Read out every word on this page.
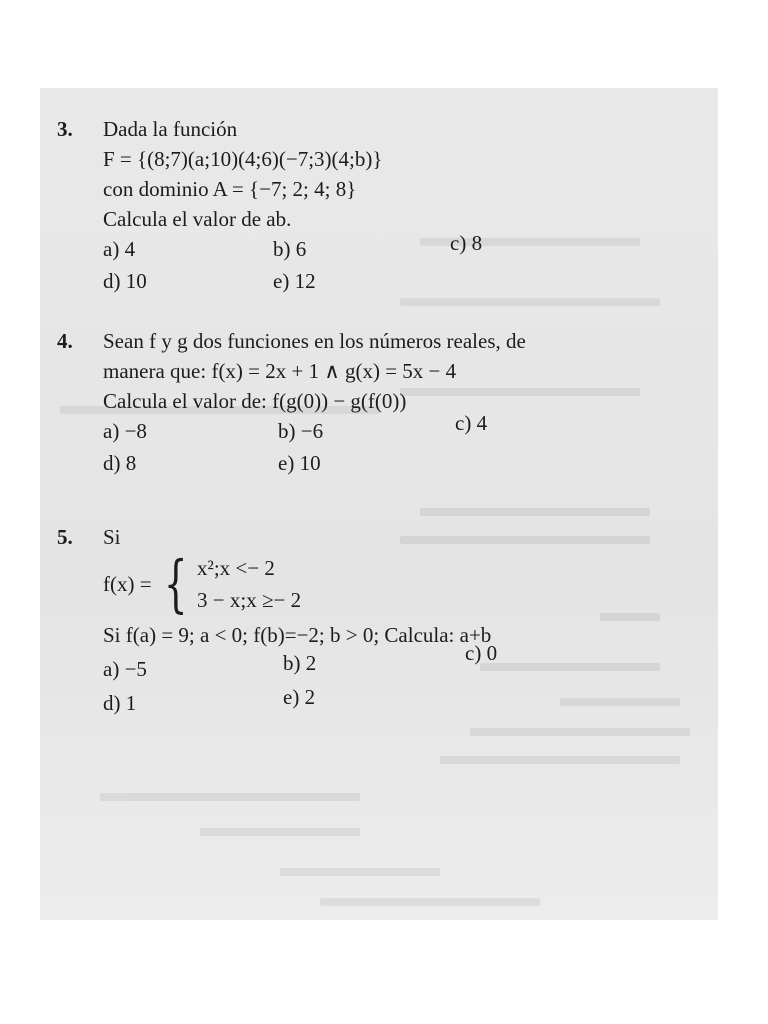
3. Dada la función
F = {(8;7)(a;10)(4;6)(−7;3)(4;b)}
con dominio A = {−7; 2; 4; 8}
Calcula el valor de ab.
a) 4	b) 6	c) 8
d) 10	e) 12
4. Sean f y g dos funciones en los números reales, de
manera que: f(x) = 2x + 1 ∧ g(x) = 5x − 4
Calcula el valor de: f(g(0)) − g(f(0))
a) −8	b) −6	c) 4
d) 8	e) 10
5. Si
f(x) = { x²;x <− 2
3 − x;x ≥− 2
Si f(a) = 9; a < 0; f(b)=−2; b > 0; Calcula: a+b
a) −5	b) 2	c) 0
d) 1	e) 2
